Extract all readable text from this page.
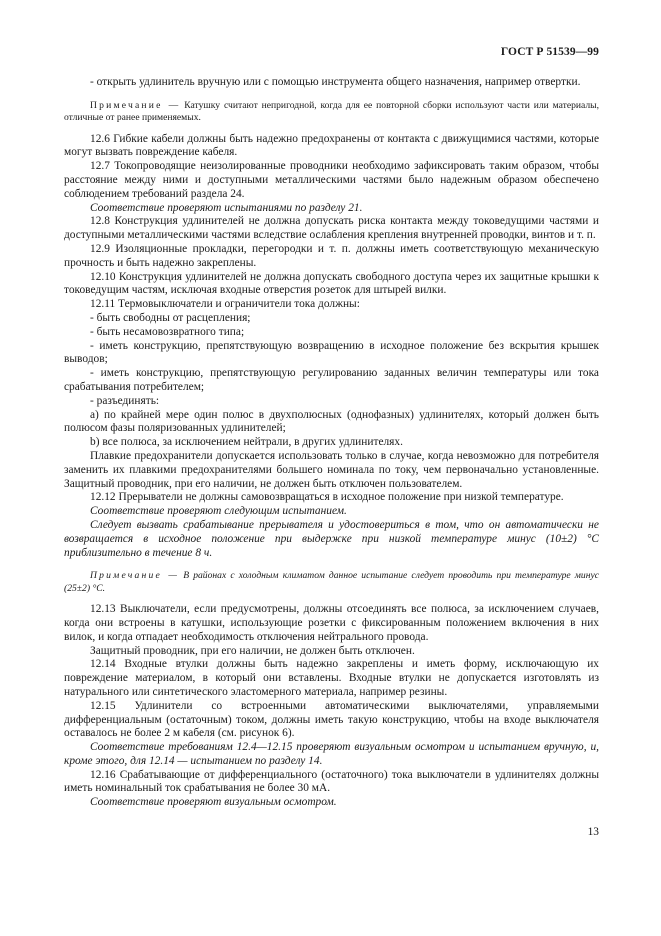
ГОСТ Р 51539—99

- открыть удлинитель вручную или с помощью инструмента общего назначения, например отвертки.

Примечание — Катушку считают непригодной, когда для ее повторной сборки используют части или материалы, отличные от ранее применяемых.

12.6 Гибкие кабели должны быть надежно предохранены от контакта с движущимися частями, которые могут вызвать повреждение кабеля.

12.7 Токопроводящие неизолированные проводники необходимо зафиксировать таким образом, чтобы расстояние между ними и доступными металлическими частями было надежным образом обеспечено соблюдением требований раздела 24.

Соответствие проверяют испытаниями по разделу 21.

12.8 Конструкция удлинителей не должна допускать риска контакта между токоведущими частями и доступными металлическими частями вследствие ослабления крепления внутренней проводки, винтов и т. п.

12.9 Изоляционные прокладки, перегородки и т. п. должны иметь соответствующую механическую прочность и быть надежно закреплены.

12.10 Конструкция удлинителей не должна допускать свободного доступа через их защитные крышки к токоведущим частям, исключая входные отверстия розеток для штырей вилки.

12.11 Термовыключатели и ограничители тока должны:

- быть свободны от расцепления;

- быть несамовозвратного типа;

- иметь конструкцию, препятствующую возвращению в исходное положение без вскрытия крышек выводов;

- иметь конструкцию, препятствующую регулированию заданных величин температуры или тока срабатывания потребителем;

- разъединять:

а) по крайней мере один полюс в двухполюсных (однофазных) удлинителях, который должен быть полюсом фазы поляризованных удлинителей;

b) все полюса, за исключением нейтрали, в других удлинителях.

Плавкие предохранители допускается использовать только в случае, когда невозможно для потребителя заменить их плавкими предохранителями большего номинала по току, чем первоначально установленные. Защитный проводник, при его наличии, не должен быть отключен пользователем.

12.12 Прерыватели не должны самовозвращаться в исходное положение при низкой температуре.

Соответствие проверяют следующим испытанием.

Следует вызвать срабатывание прерывателя и удостовериться в том, что он автоматически не возвращается в исходное положение при выдержке при низкой температуре минус (10±2) °С приблизительно в течение 8 ч.

Примечание — В районах с холодным климатом данное испытание следует проводить при температуре минус (25±2) °С.

12.13 Выключатели, если предусмотрены, должны отсоединять все полюса, за исключением случаев, когда они встроены в катушки, использующие розетки с фиксированным положением включения в них вилок, и когда отпадает необходимость отключения нейтрального провода.

Защитный проводник, при его наличии, не должен быть отключен.

12.14 Входные втулки должны быть надежно закреплены и иметь форму, исключающую их повреждение материалом, в который они вставлены. Входные втулки не допускается изготовлять из натурального или синтетического эластомерного материала, например резины.

12.15 Удлинители со встроенными автоматическими выключателями, управляемыми дифференциальным (остаточным) током, должны иметь такую конструкцию, чтобы на входе выключателя оставалось не более 2 м кабеля (см. рисунок 6).

Соответствие требованиям 12.4—12.15 проверяют визуальным осмотром и испытанием вручную, и, кроме этого, для 12.14 — испытанием по разделу 14.

12.16 Срабатывающие от дифференциального (остаточного) тока выключатели в удлинителях должны иметь номинальный ток срабатывания не более 30 мА.

Соответствие проверяют визуальным осмотром.

13
